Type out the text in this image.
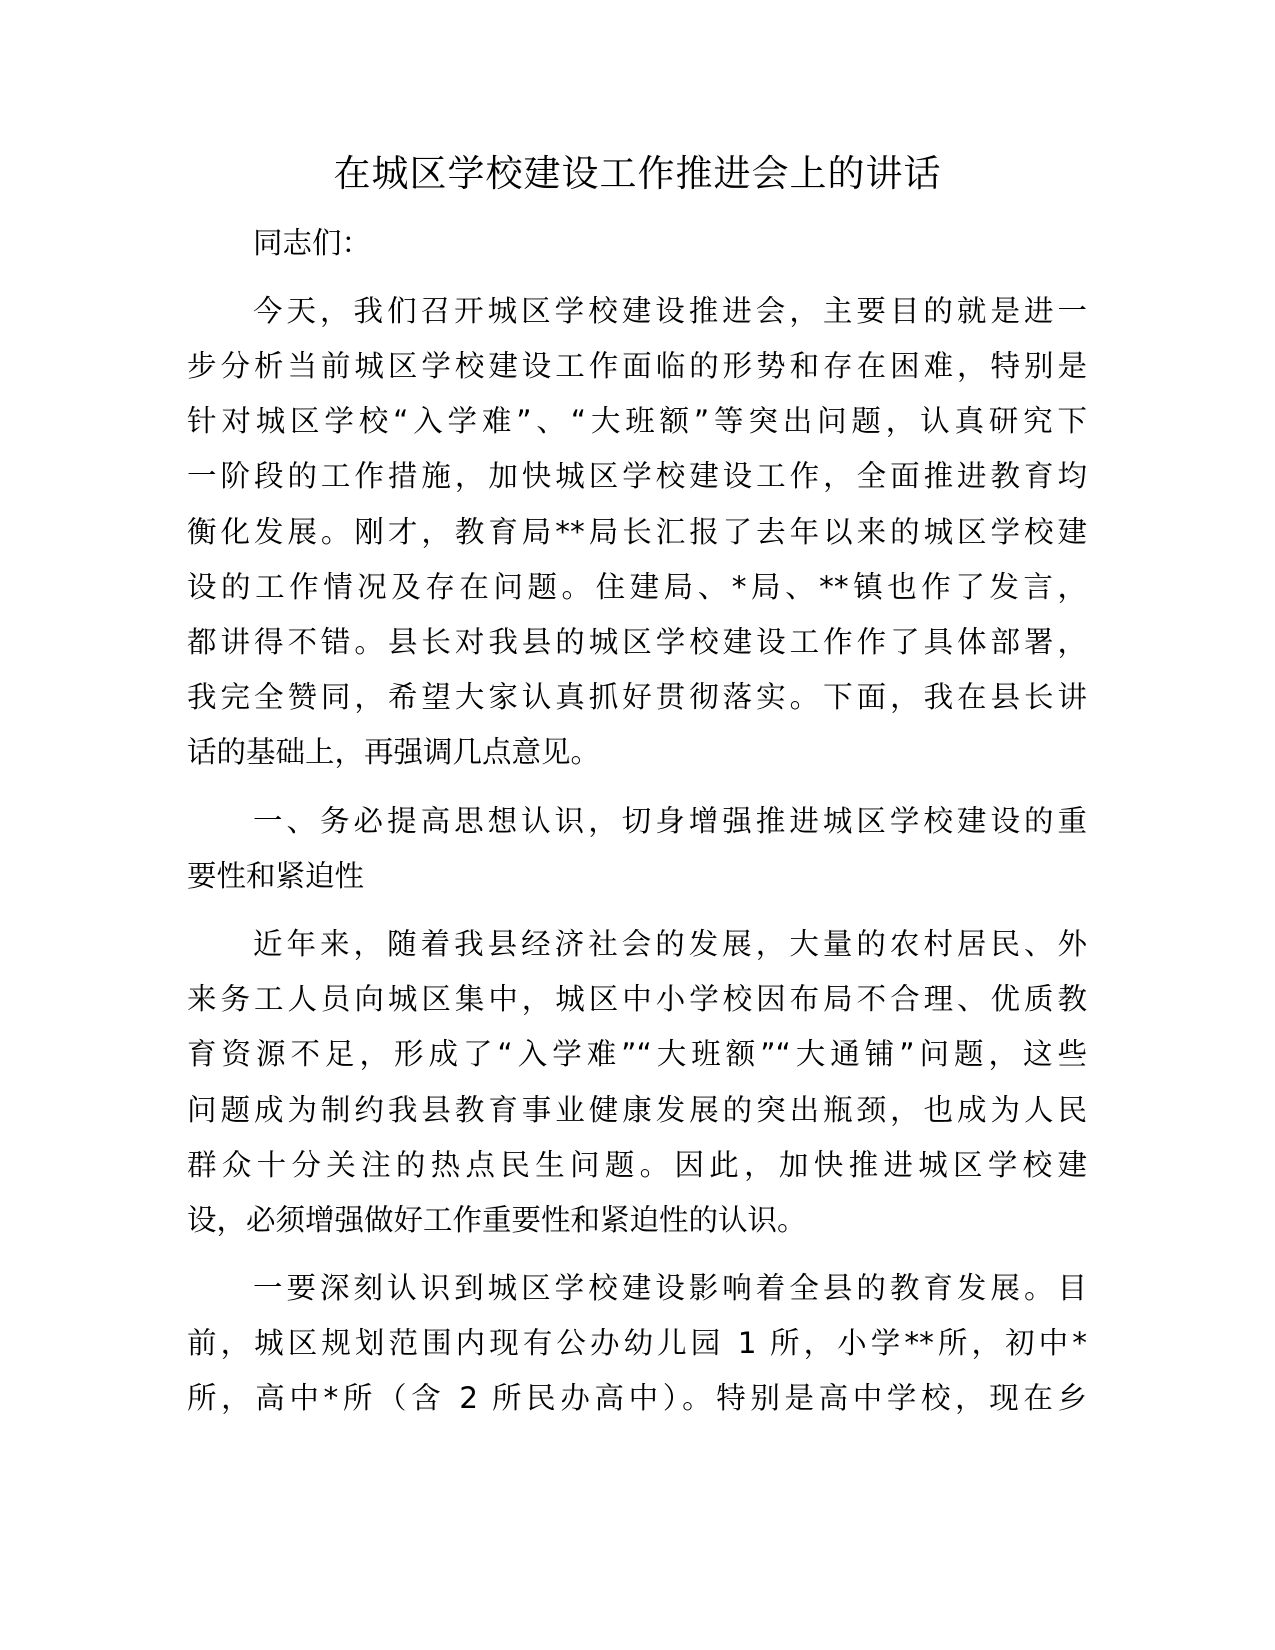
在城区学校建设工作推进会上的讲话
同志们：
今天，我们召开城区学校建设推进会，主要目的就是进一
步分析当前城区学校建设工作面临的形势和存在困难，特别是
针对城区学校“入学难”、“大班额”等突出问题，认真研究下
一阶段的工作措施，加快城区学校建设工作，全面推进教育均
衡化发展。刚才，教育局**局长汇报了去年以来的城区学校建
设的工作情况及存在问题。住建局、*局、**镇也作了发言，
都讲得不错。县长对我县的城区学校建设工作作了具体部署，
我完全赞同，希望大家认真抓好贯彻落实。下面，我在县长讲
话的基础上，再强调几点意见。
一、务必提高思想认识，切身增强推进城区学校建设的重
要性和紧迫性
近年来，随着我县经济社会的发展，大量的农村居民、外
来务工人员向城区集中，城区中小学校因布局不合理、优质教
育资源不足，形成了“入学难”“大班额”“大通铺”问题，这些
问题成为制约我县教育事业健康发展的突出瓶颈，也成为人民
群众十分关注的热点民生问题。因此，加快推进城区学校建
设，必须增强做好工作重要性和紧迫性的认识。
一要深刻认识到城区学校建设影响着全县的教育发展。目
前，城区规划范围内现有公办幼儿园 1 所，小学**所，初中*
所，高中*所（含 2 所民办高中）。特别是高中学校，现在乡
